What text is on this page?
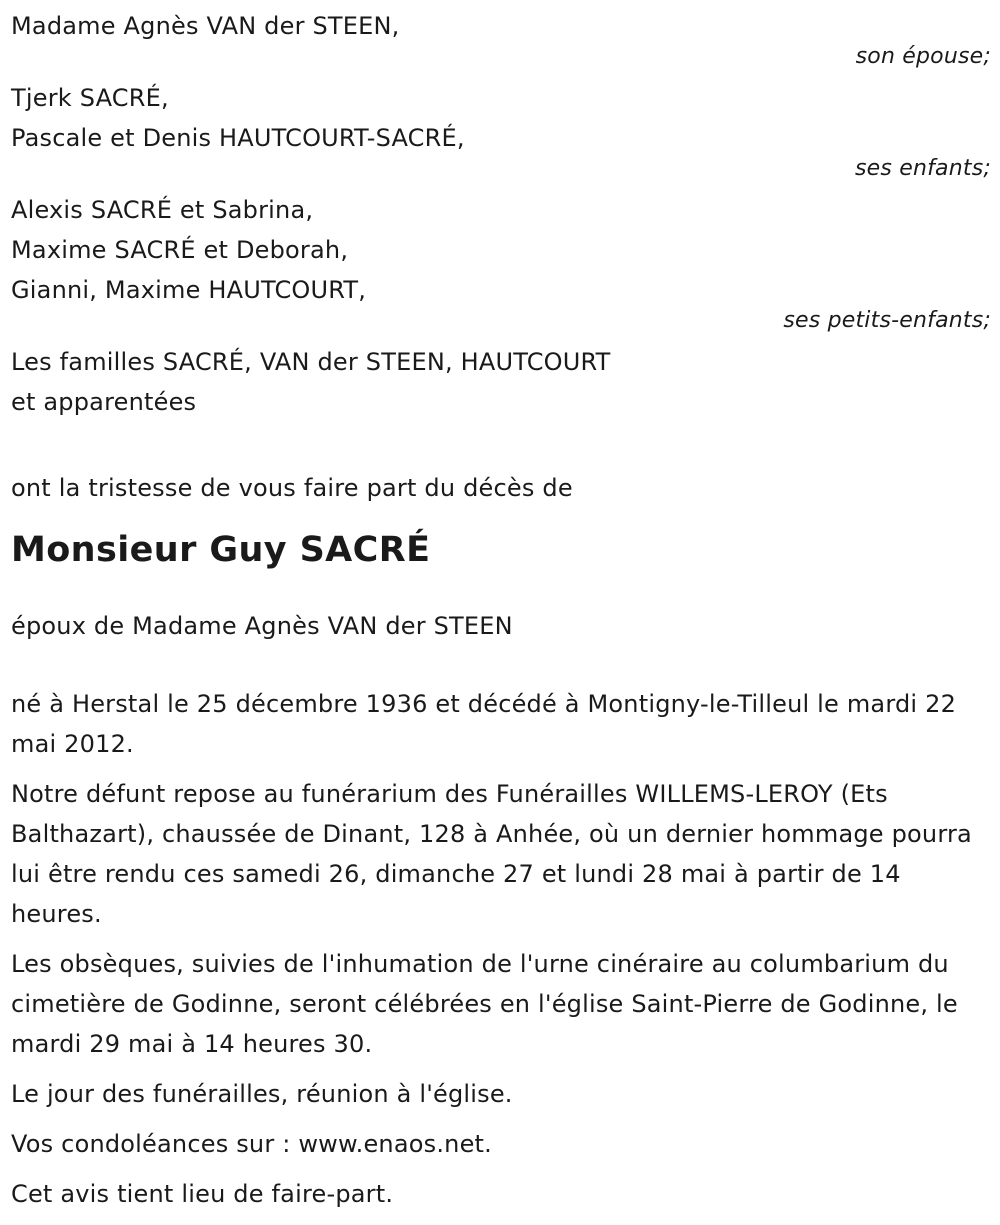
Madame Agnès VAN der STEEN,
son épouse;
Tjerk SACRÉ,
Pascale et Denis HAUTCOURT-SACRÉ,
ses enfants;
Alexis SACRÉ et Sabrina,
Maxime SACRÉ et Deborah,
Gianni, Maxime HAUTCOURT,
ses petits-enfants;
Les familles SACRÉ, VAN der STEEN, HAUTCOURT
et apparentées
ont la tristesse de vous faire part du décès de
Monsieur Guy SACRÉ
époux de Madame Agnès VAN der STEEN
né à Herstal le 25 décembre 1936 et décédé à Montigny-le-Tilleul le mardi 22 mai 2012.
Notre défunt repose au funérarium des Funérailles WILLEMS-LEROY (Ets Balthazart), chaussée de Dinant, 128 à Anhée, où un dernier hommage pourra lui être rendu ces samedi 26, dimanche 27 et lundi 28 mai à partir de 14 heures.
Les obsèques, suivies de l'inhumation de l'urne cinéraire au columbarium du cimetière de Godinne, seront célébrées en l'église Saint-Pierre de Godinne, le mardi 29 mai à 14 heures 30.
Le jour des funérailles, réunion à l'église.
Vos condoléances sur : www.enaos.net.
Cet avis tient lieu de faire-part.
